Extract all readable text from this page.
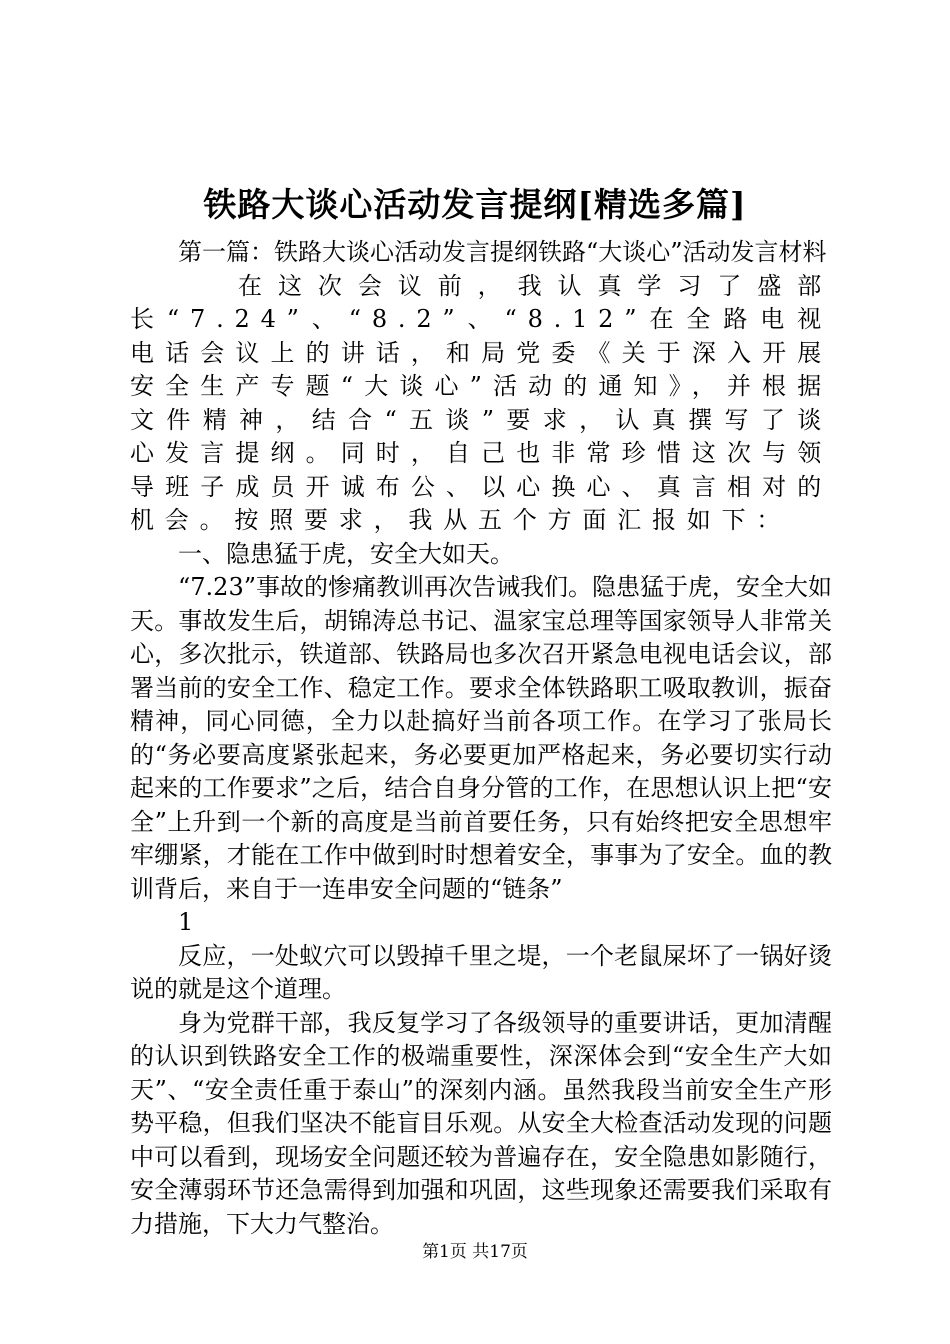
铁路大谈心活动发言提纲[精选多篇]

第一篇：铁路大谈心活动发言提纲铁路“大谈心”活动发言材料

在这次会议前，我认真学习了盛部长“7.24”、“8.2”、“8.12”在全路电视电话会议上的讲话，和局党委《关于深入开展安全生产专题“大谈心”活动的通知》，并根据文件精神，结合“五谈”要求，认真撰写了谈心发言提纲。同时，自己也非常珍惜这次与领导班子成员开诚布公、以心换心、真言相对的机会。按照要求，我从五个方面汇报如下：

一、隐患猛于虎，安全大如天。

“7.23”事故的惨痛教训再次告诫我们。隐患猛于虎，安全大如天。事故发生后，胡锦涛总书记、温家宝总理等国家领导人非常关心，多次批示，铁道部、铁路局也多次召开紧急电视电话会议，部署当前的安全工作、稳定工作。要求全体铁路职工吸取教训，振奋精神，同心同德，全力以赴搞好当前各项工作。在学习了张局长的“务必要高度紧张起来，务必要更加严格起来，务必要切实行动起来的工作要求”之后，结合自身分管的工作，在思想认识上把“安全”上升到一个新的高度是当前首要任务，只有始终把安全思想牢牢绷紧，才能在工作中做到时时想着安全，事事为了安全。血的教训背后，来自于一连串安全问题的“链条”

1

反应，一处蚁穴可以毁掉千里之堤，一个老鼠屎坏了一锅好烫说的就是这个道理。

身为党群干部，我反复学习了各级领导的重要讲话，更加清醒的认识到铁路安全工作的极端重要性，深深体会到“安全生产大如天”、“安全责任重于泰山”的深刻内涵。虽然我段当前安全生产形势平稳，但我们坚决不能盲目乐观。从安全大检查活动发现的问题中可以看到，现场安全问题还较为普遍存在，安全隐患如影随行，安全薄弱环节还急需得到加强和巩固，这些现象还需要我们采取有力措施，下大力气整治。

第1页 共17页
